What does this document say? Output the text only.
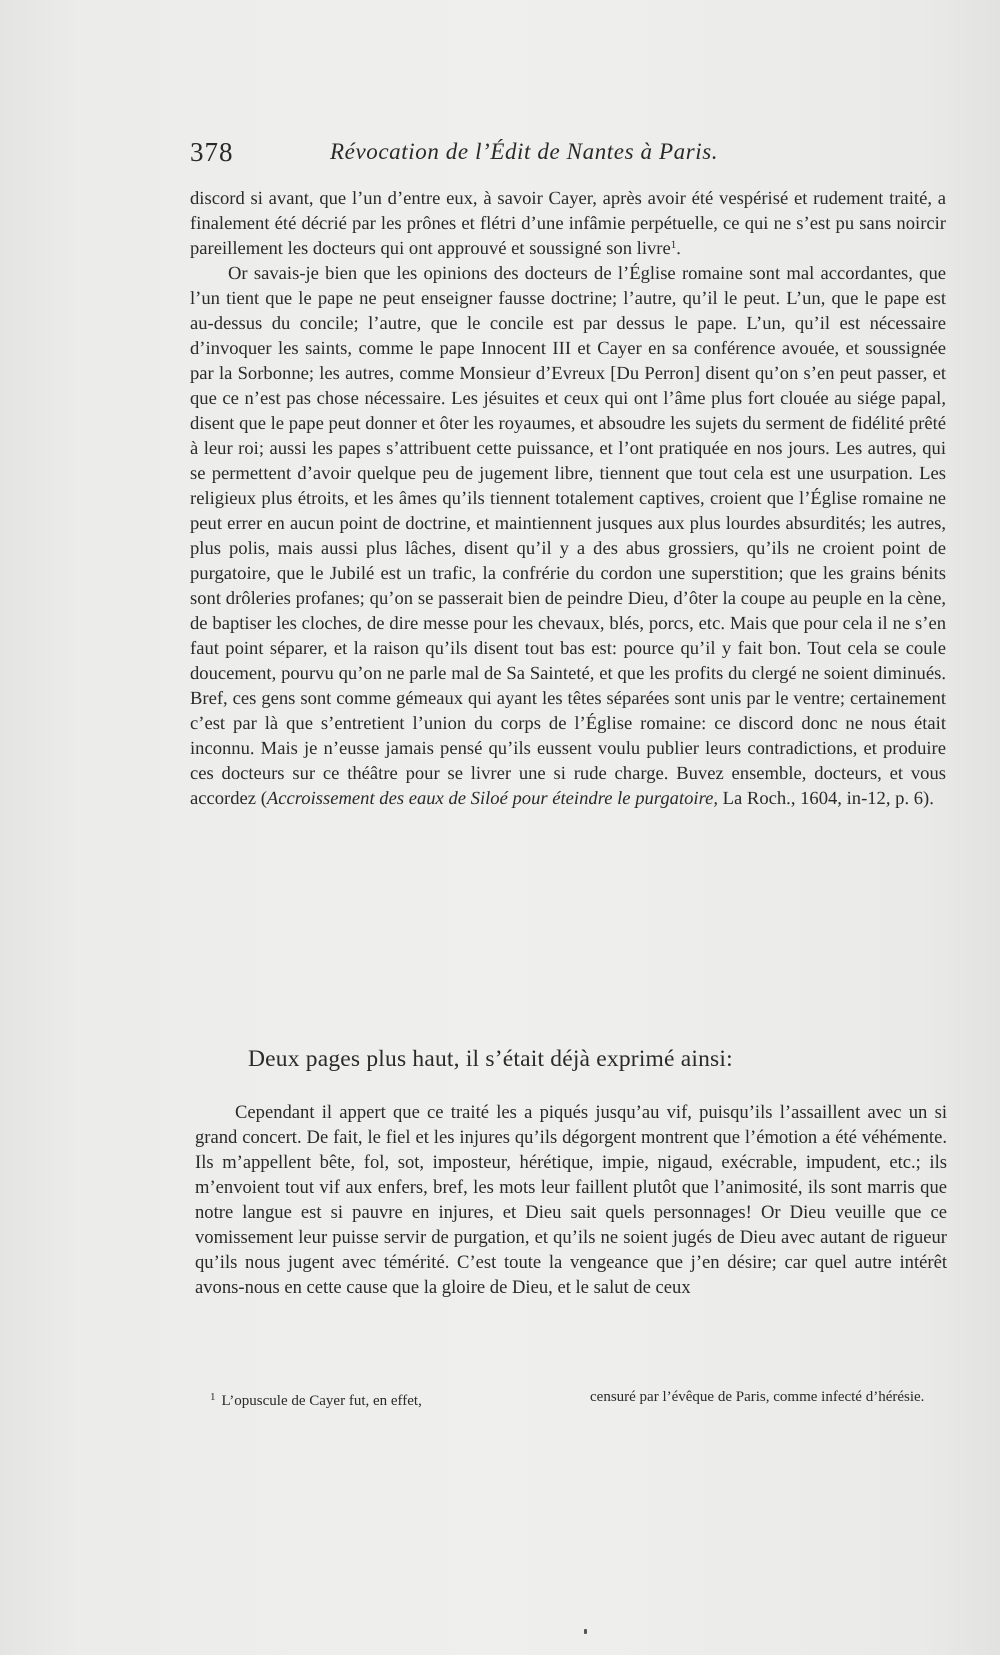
378	Révocation de l’Édit de Nantes à Paris.

discord si avant, que l’un d’entre eux, à savoir Cayer, après avoir été vespérisé et rudement traité, a finalement été décrié par les prônes et flétri d’une infâmie perpétuelle, ce qui ne s’est pu sans noircir pareillement les docteurs qui ont approuvé et soussigné son livre$^1$.

Or savais-je bien que les opinions des docteurs de l’Église romaine sont mal accordantes, que l’un tient que le pape ne peut enseigner fausse doctrine; l’autre, qu’il le peut. L’un, que le pape est au-dessus du concile; l’autre, que le concile est par dessus le pape. L’un, qu’il est nécessaire d’invoquer les saints, comme le pape Innocent III et Cayer en sa conférence avouée, et soussignée par la Sorbonne; les autres, comme Monsieur d’Evreux [Du Perron] disent qu’on s’en peut passer, et que ce n’est pas chose nécessaire. Les jésuites et ceux qui ont l’âme plus fort clouée au siége papal, disent que le pape peut donner et ôter les royaumes, et absoudre les sujets du serment de fidélité prêté à leur roi; aussi les papes s’attribuent cette puissance, et l’ont pratiquée en nos jours. Les autres, qui se permettent d’avoir quelque peu de jugement libre, tiennent que tout cela est une usurpation. Les religieux plus étroits, et les âmes qu’ils tiennent totalement captives, croient que l’Église romaine ne peut errer en aucun point de doctrine, et maintiennent jusques aux plus lourdes absurdités; les autres, plus polis, mais aussi plus lâches, disent qu’il y a des abus grossiers, qu’ils ne croient point de purgatoire, que le Jubilé est un trafic, la confrérie du cordon une superstition; que les grains bénits sont drôleries profanes; qu’on se passerait bien de peindre Dieu, d’ôter la coupe au peuple en la cène, de baptiser les cloches, de dire messe pour les chevaux, blés, porcs, etc. Mais que pour cela il ne s’en faut point séparer, et la raison qu’ils disent tout bas est: pource qu’il y fait bon. Tout cela se coule doucement, pourvu qu’on ne parle mal de Sa Sainteté, et que les profits du clergé ne soient diminués. Bref, ces gens sont comme gémeaux qui ayant les têtes séparées sont unis par le ventre; certainement c’est par là que s’entretient l’union du corps de l’Église romaine: ce discord donc ne nous était inconnu. Mais je n’eusse jamais pensé qu’ils eussent voulu publier leurs contradictions, et produire ces docteurs sur ce théâtre pour se livrer une si rude charge. Buvez ensemble, docteurs, et vous accordez (Accroissement des eaux de Siloé pour éteindre le purgatoire, La Roch., 1604, in-12, p. 6).

Deux pages plus haut, il s’était déjà exprimé ainsi:

Cependant il appert que ce traité les a piqués jusqu’au vif, puisqu’ils l’assaillent avec un si grand concert. De fait, le fiel et les injures qu’ils dégorgent montrent que l’émotion a été véhémente. Ils m’appellent bête, fol, sot, imposteur, hérétique, impie, nigaud, exécrable, impudent, etc.; ils m’envoient tout vif aux enfers, bref, les mots leur faillent plutôt que l’animosité, ils sont marris que notre langue est si pauvre en injures, et Dieu sait quels personnages! Or Dieu veuille que ce vomissement leur puisse servir de purgation, et qu’ils ne soient jugés de Dieu avec autant de rigueur qu’ils nous jugent avec témérité. C’est toute la vengeance que j’en désire; car quel autre intérêt avons-nous en cette cause que la gloire de Dieu, et le salut de ceux

$^1$ L’opuscule de Cayer fut, en effet,	censuré par l’évêque de Paris, comme infecté d’hérésie.
